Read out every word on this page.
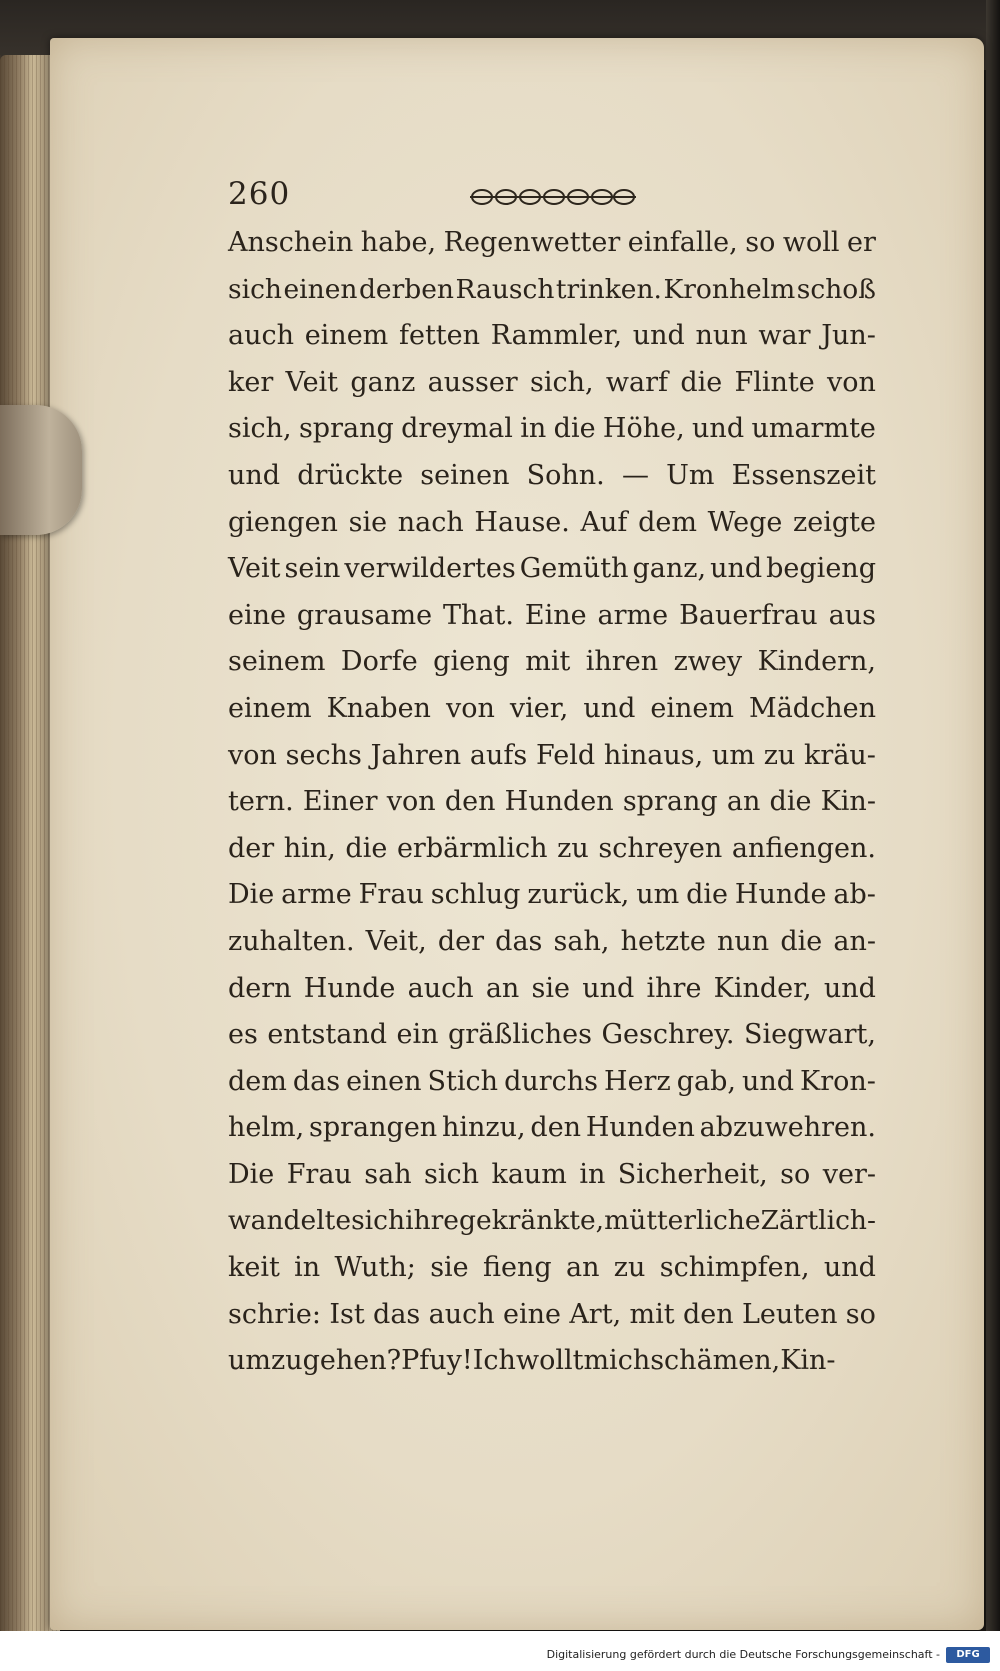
260
Anschein habe, Regenwetter einfalle, so woll er
sich einen derben Rausch trinken. Kronhelm schoß
auch einem fetten Rammler, und nun war Jun-
ker Veit ganz ausser sich, warf die Flinte von
sich, sprang dreymal in die Höhe, und umarmte
und drückte seinen Sohn. — Um Essenszeit
giengen sie nach Hause. Auf dem Wege zeigte
Veit sein verwildertes Gemüth ganz, und begieng
eine grausame That. Eine arme Bauerfrau aus
seinem Dorfe gieng mit ihren zwey Kindern,
einem Knaben von vier, und einem Mädchen
von sechs Jahren aufs Feld hinaus, um zu kräu-
tern. Einer von den Hunden sprang an die Kin-
der hin, die erbärmlich zu schreyen anfiengen.
Die arme Frau schlug zurück, um die Hunde ab-
zuhalten. Veit, der das sah, hetzte nun die an-
dern Hunde auch an sie und ihre Kinder, und
es entstand ein gräßliches Geschrey. Siegwart,
dem das einen Stich durchs Herz gab, und Kron-
helm, sprangen hinzu, den Hunden abzuwehren.
Die Frau sah sich kaum in Sicherheit, so ver-
wandelte sich ihre gekränkte, mütterliche Zärtlich-
keit in Wuth; sie fieng an zu schimpfen, und
schrie: Ist das auch eine Art, mit den Leuten so
umzugehen? Pfuy! Ich wollt mich schämen, Kin-
Digitalisierung gefördert durch die Deutsche Forschungsgemeinschaft -	DFG
